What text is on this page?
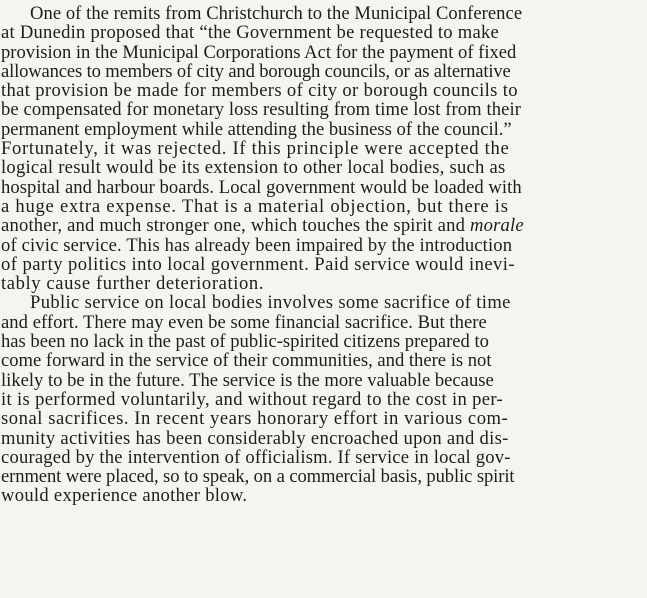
One of the remits from Christchurch to the Municipal Conference
at Dunedin proposed that “the Government be requested to make
provision in the Municipal Corporations Act for the payment of fixed
allowances to members of city and borough councils, or as alternative
that provision be made for members of city or borough councils to
be compensated for monetary loss resulting from time lost from their
permanent employment while attending the business of the council.”
Fortunately, it was rejected. If this principle were accepted the
logical result would be its extension to other local bodies, such as
hospital and harbour boards. Local government would be loaded with
a huge extra expense. That is a material objection, but there is
another, and much stronger one, which touches the spirit and morale
of civic service. This has already been impaired by the introduction
of party politics into local government. Paid service would inevi-
tably cause further deterioration.
Public service on local bodies involves some sacrifice of time
and effort. There may even be some financial sacrifice. But there
has been no lack in the past of public-spirited citizens prepared to
come forward in the service of their communities, and there is not
likely to be in the future. The service is the more valuable because
it is performed voluntarily, and without regard to the cost in per-
sonal sacrifices. In recent years honorary effort in various com-
munity activities has been considerably encroached upon and dis-
couraged by the intervention of officialism. If service in local gov-
ernment were placed, so to speak, on a commercial basis, public spirit
would experience another blow.
